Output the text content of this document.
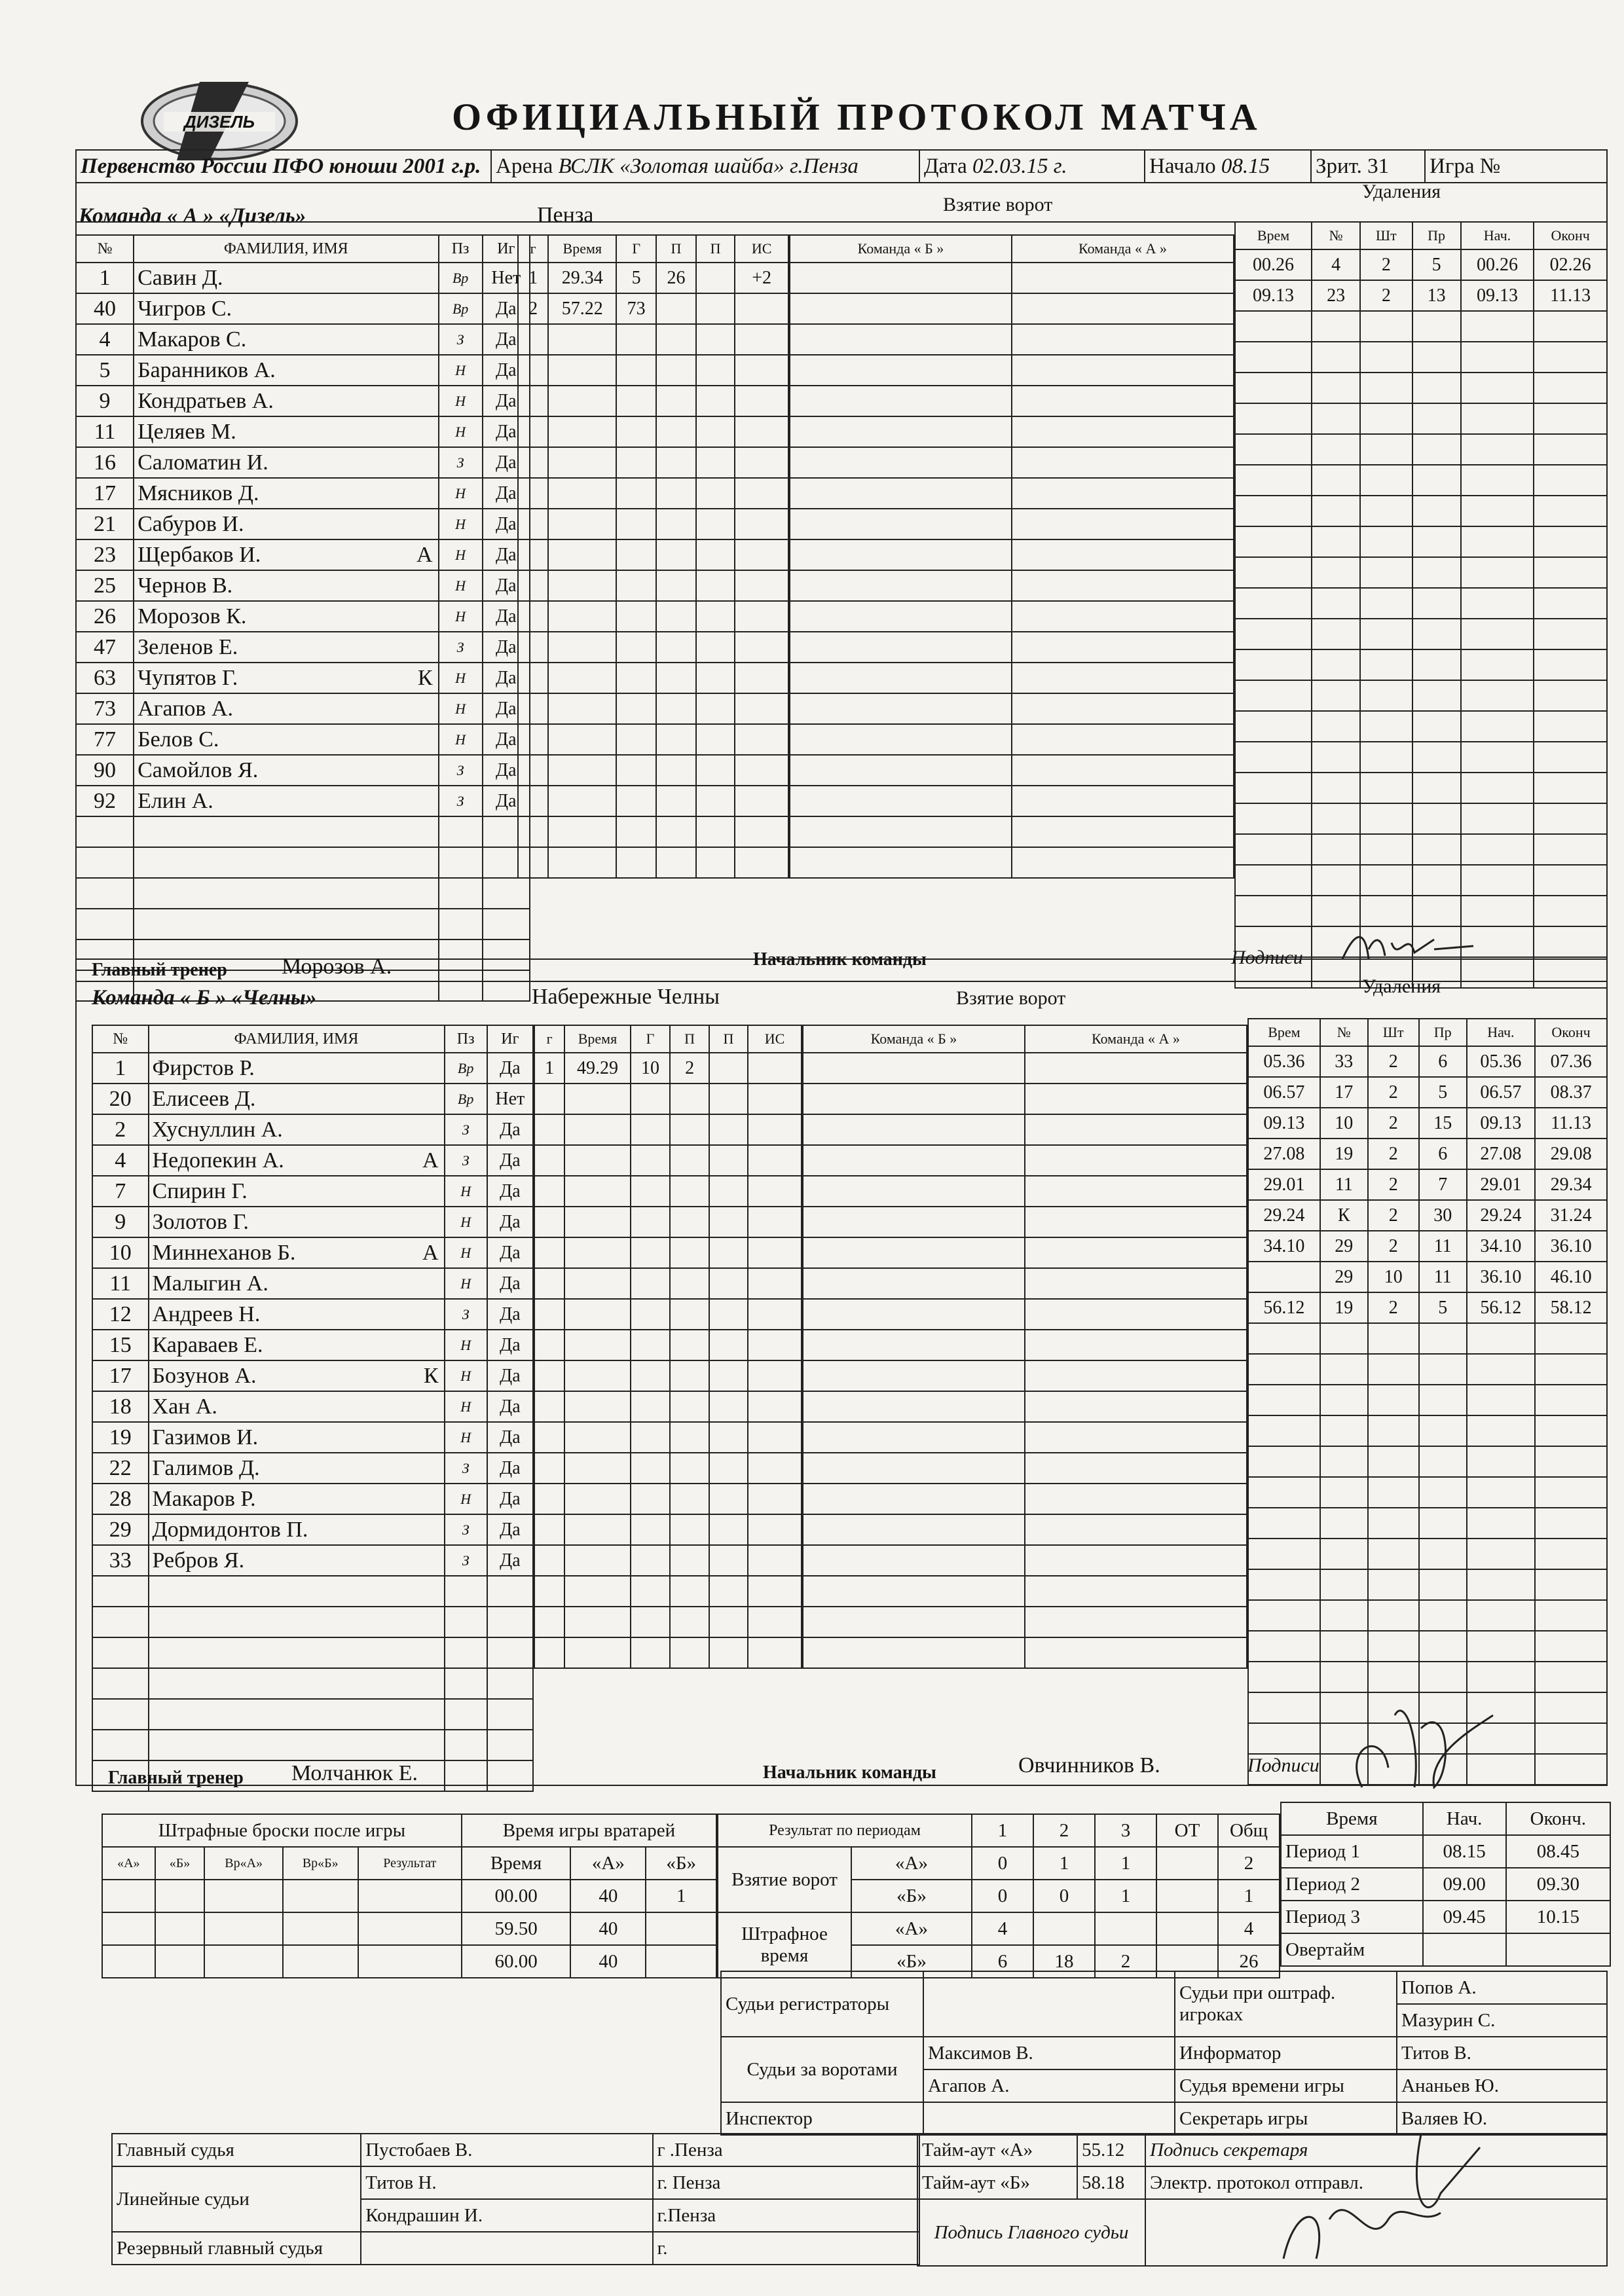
ДИЗЕЛЬ	ОФИЦИАЛЬНЫЙ ПРОТОКОЛ МАТЧА
Первенство России ПФО юноши 2001 г.р.	Арена ВСЛК «Золотая шайба» г.Пенза	Дата 02.03.15 г.	Начало 08.15	Зрит. 31	Игра №
Команда « А » «Дизель»	Пенза	Взятие ворот
Удаления
№	ФАМИЛИЯ, ИМЯ	Пз	Иг
1	Савин Д.	Вр	Нет
40	Чигров С.	Вр	Да
4	Макаров С.	З	Да
5	Баранников А.	Н	Да
9	Кондратьев А.	Н	Да
11	Целяев М.	Н	Да
16	Саломатин И.	З	Да
17	Мясников Д.	Н	Да
21	Сабуров И.	Н	Да
23	Щербаков И. А	Н	Да
25	Чернов В.	Н	Да
26	Морозов К.	Н	Да
47	Зеленов Е.	З	Да
63	Чупятов Г. К	Н	Да
73	Агапов А.	Н	Да
77	Белов С.	Н	Да
90	Самойлов Я.	З	Да
92	Елин А.	З	Да

г	Время	Г	П	П	ИС
1	29.34	5	26		+2
2	57.22	73			

Команда « Б »	Команда « А »

Врем	№	Шт	Пр	Нач.	Оконч
00.26	4	2	5	00.26	02.26
09.13	23	2	13	09.13	11.13

Главный тренер Морозов А.	Начальник команды	Подписи
Команда « Б » «Челны»	Набережные Челны	Взятие ворот
Удаления
№	ФАМИЛИЯ, ИМЯ	Пз	Иг
1	Фирстов Р.	Вр	Да
20	Елисеев Д.	Вр	Нет
2	Хуснуллин А.	З	Да
4	Недопекин А. А	З	Да
7	Спирин Г.	Н	Да
9	Золотов Г.	Н	Да
10	Миннеханов Б. А	Н	Да
11	Малыгин А.	Н	Да
12	Андреев Н.	З	Да
15	Караваев Е.	Н	Да
17	Бозунов А. К	Н	Да
18	Хан А.	Н	Да
19	Газимов И.	Н	Да
22	Галимов Д.	З	Да
28	Макаров Р.	Н	Да
29	Дормидонтов П.	З	Да
33	Ребров Я.	З	Да

г	Время	Г	П	П	ИС
1	49.29	10	2		

Команда « Б »	Команда « А »

		Врем	№	Шт	Пр	Нач.	Оконч
05.36	33	2	6	05.36	07.36
06.57	17	2	5	06.57	08.37
09.13	10	2	15	09.13	11.13
27.08	19	2	6	27.08	29.08
29.01	11	2	7	29.01	29.34
29.24	К	2	30	29.24	31.24
34.10	29	2	11	34.10	36.10
	29	10	11	36.10	46.10
56.12	19	2	5	56.12	58.12

Главный тренер Молчанюк Е.	Начальник команды	Овчинников В.	Подписи
Штрафные броски после игры					Время игры вратарей		
«А»	«Б»	Вр«А»	Вр«Б»	Результат	Время	«А»	«Б»
					00.00	40	1
					59.50	40	
					60.00	40	
Результат по периодам		1	2	3	ОТ	Общ
Взятие ворот	«А»	0	1	1		2
	«Б»	0	0	1		1
Штрафное время	«А»	4				4
	«Б»	6	18	2		26
Время	Нач.	Оконч.
Период 1	08.15	08.45
Период 2	09.00	09.30
Период 3	09.45	10.15
Овертайм		
Судьи регистраторы		Судьи при оштраф. игроках	Попов А.
			Мазурин С.
Судьи за воротами	Максимов В.	Информатор	Титов В.
	Агапов А.	Судья времени игры	Ананьев Ю.
Инспектор		Секретарь игры	Валяев Ю.
Главный судья	Пустобаев В.	г .Пенза
Линейные судьи	Титов Н.	г. Пенза
	Кондрашин И.	г.Пенза
Резервный главный судья		г.
Тайм-аут «А»	55.12	Подпись секретаря
Тайм-аут «Б»	58.18	Электр. протокол отправл.
Подпись Главного судьи		
